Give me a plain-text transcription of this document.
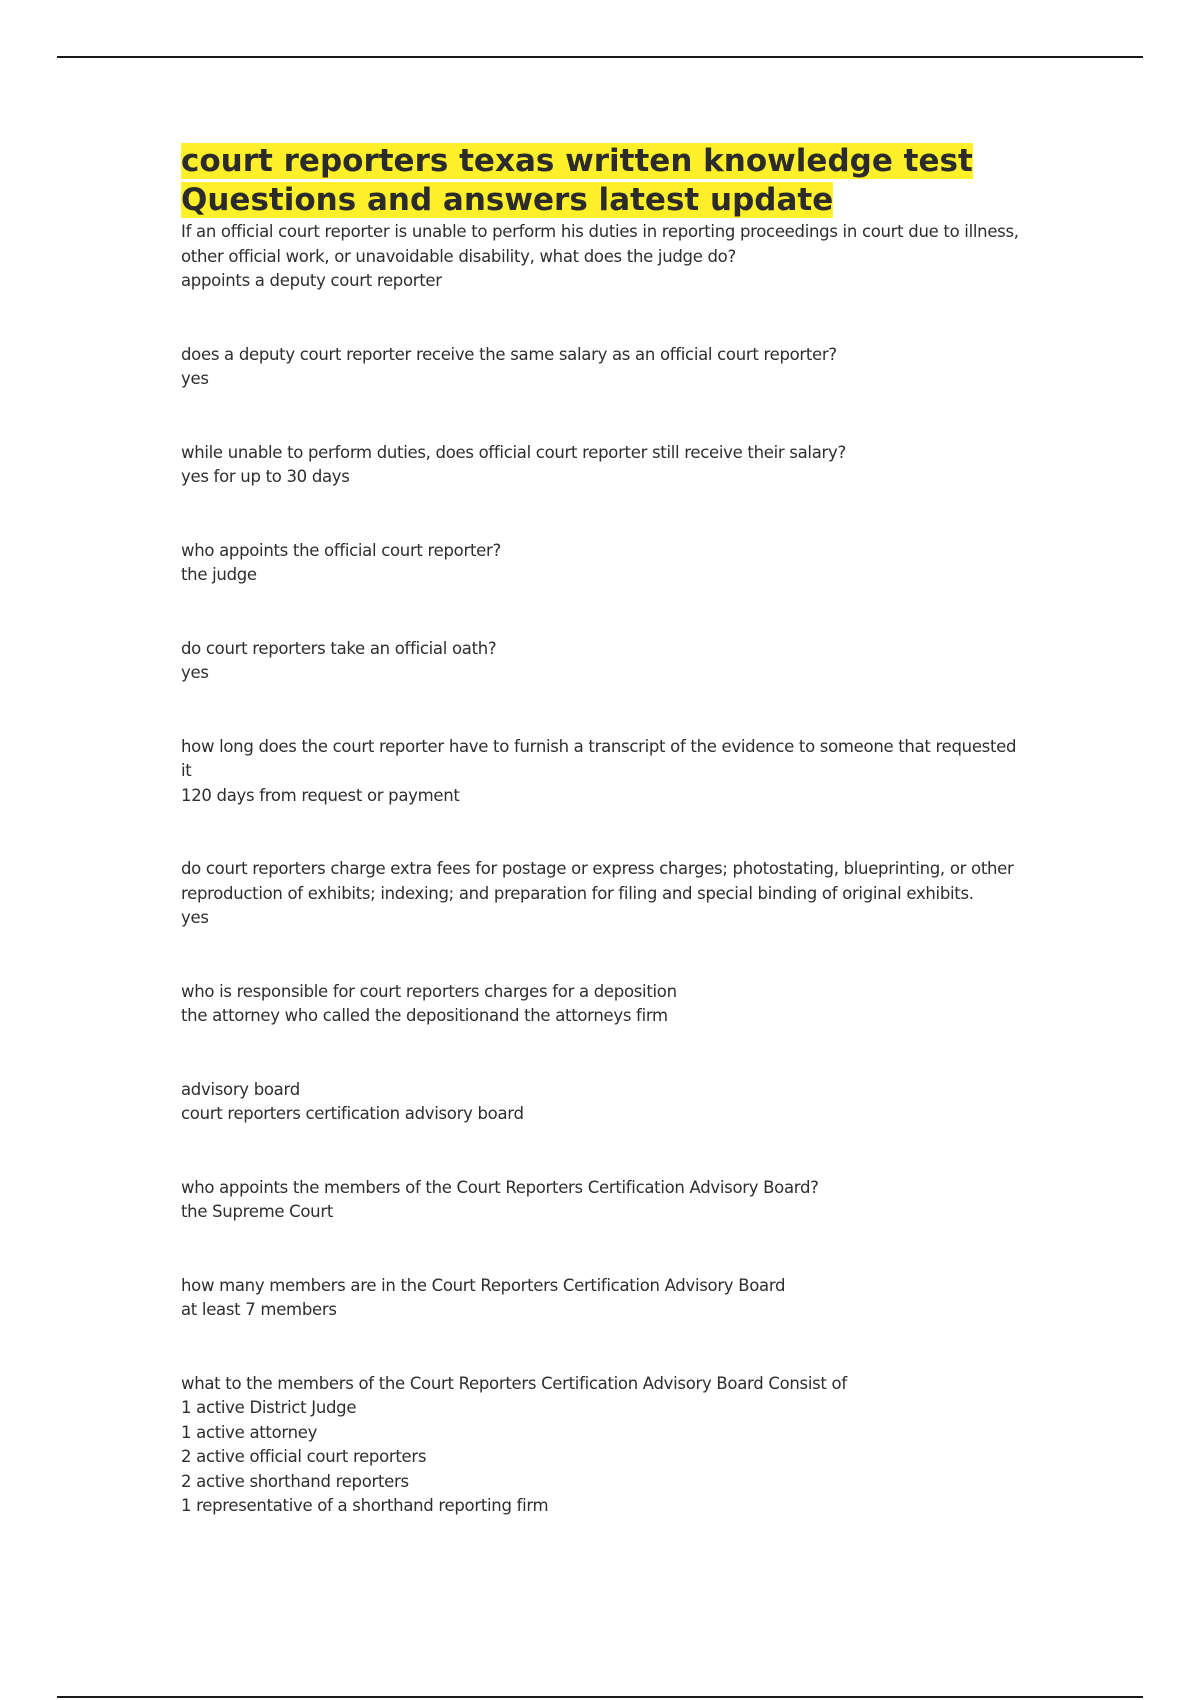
court reporters texas written knowledge test
Questions and answers latest update

If an official court reporter is unable to perform his duties in reporting proceedings in court due to illness, other official work, or unavoidable disability, what does the judge do?

appoints a deputy court reporter

does a deputy court reporter receive the same salary as an official court reporter?

yes

while unable to perform duties, does official court reporter still receive their salary?

yes for up to 30 days

who appoints the official court reporter?

the judge

do court reporters take an official oath?

yes

how long does the court reporter have to furnish a transcript of the evidence to someone that requested it

120 days from request or payment

do court reporters charge extra fees for postage or express charges; photostating, blueprinting, or other reproduction of exhibits; indexing; and preparation for filing and special binding of original exhibits.

yes

who is responsible for court reporters charges for a deposition

the attorney who called the depositionand the attorneys firm

advisory board

court reporters certification advisory board

who appoints the members of the Court Reporters Certification Advisory Board?

the Supreme Court

how many members are in the Court Reporters Certification Advisory Board

at least 7 members

what to the members of the Court Reporters Certification Advisory Board Consist of

1 active District Judge
1 active attorney
2 active official court reporters
2 active shorthand reporters
1 representative of a shorthand reporting firm
